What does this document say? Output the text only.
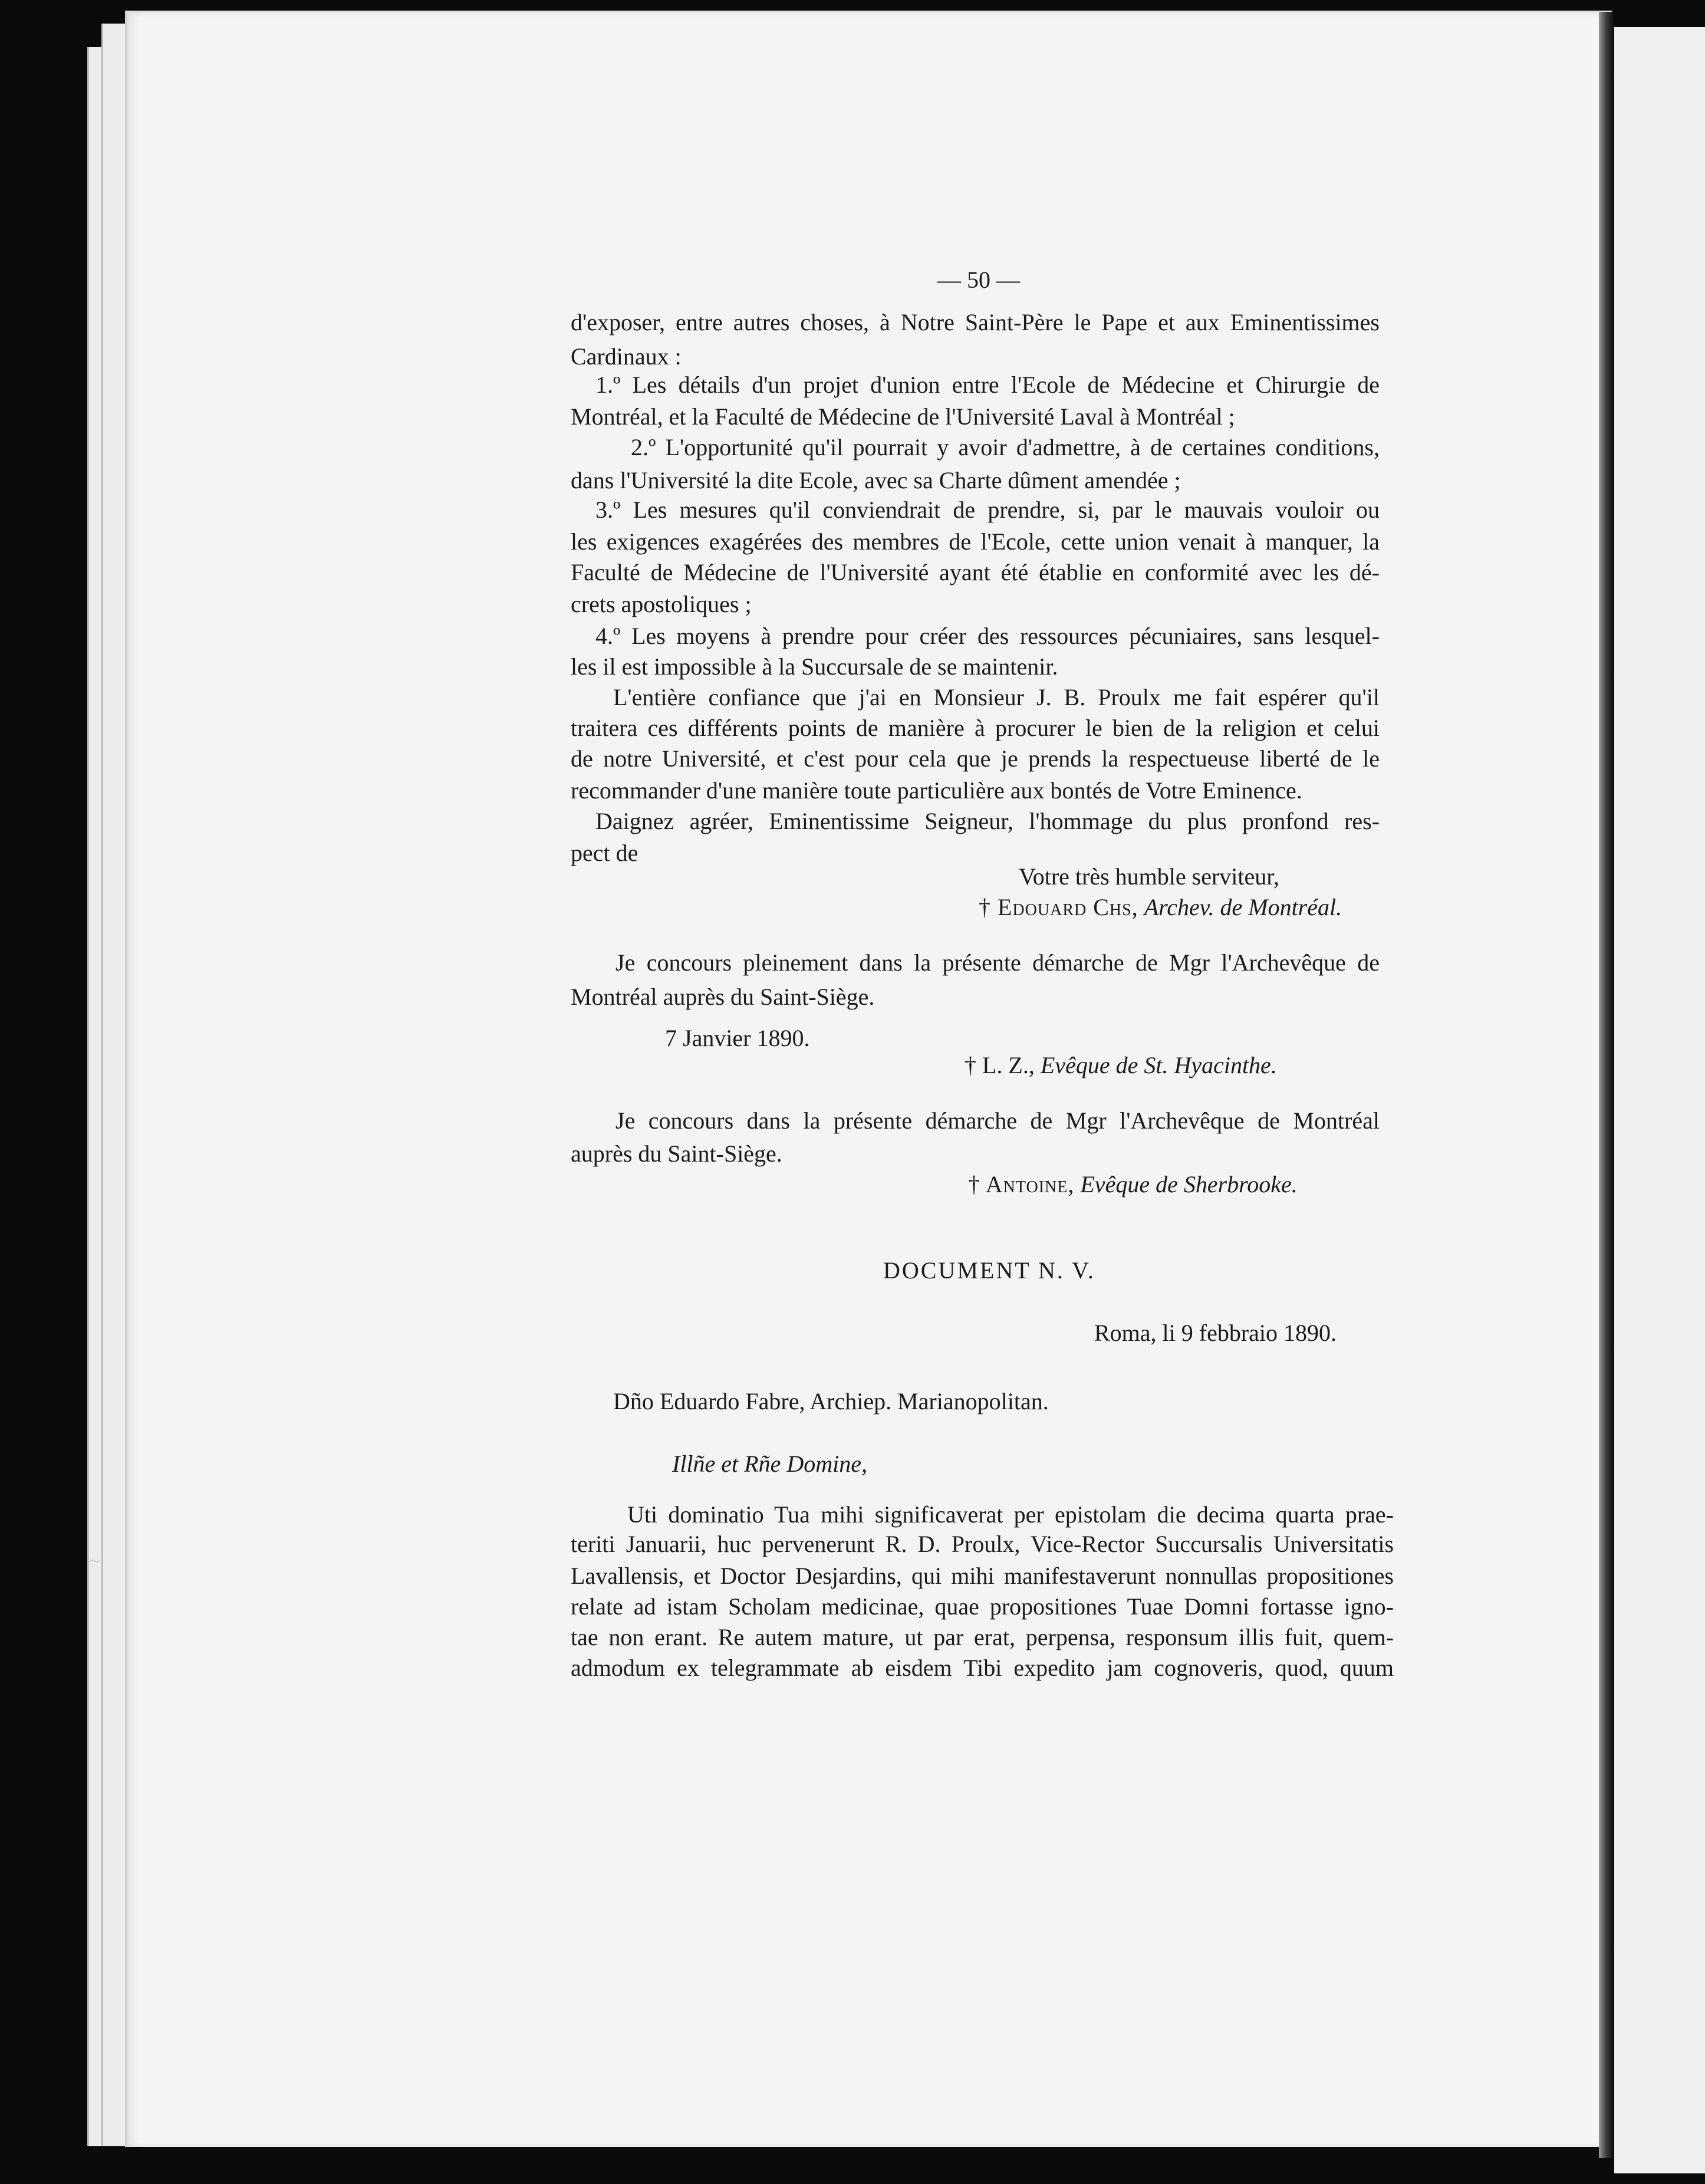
∼
— 50 —
d'exposer, entre autres choses, à Notre Saint-Père le Pape et aux Eminentissimes
Cardinaux :
1.º Les détails d'un projet d'union entre l'Ecole de Médecine et Chirurgie de
Montréal, et la Faculté de Médecine de l'Université Laval à Montréal ;
2.º L'opportunité qu'il pourrait y avoir d'admettre, à de certaines conditions,
dans l'Université la dite Ecole, avec sa Charte dûment amendée ;
3.º Les mesures qu'il conviendrait de prendre, si, par le mauvais vouloir ou
les exigences exagérées des membres de l'Ecole, cette union venait à manquer, la
Faculté de Médecine de l'Université ayant été établie en conformité avec les dé-
crets apostoliques ;
4.º Les moyens à prendre pour créer des ressources pécuniaires, sans lesquel-
les il est impossible à la Succursale de se maintenir.
L'entière confiance que j'ai en Monsieur J. B. Proulx me fait espérer qu'il
traitera ces différents points de manière à procurer le bien de la religion et celui
de notre Université, et c'est pour cela que je prends la respectueuse liberté de le
recommander d'une manière toute particulière aux bontés de Votre Eminence.
Daignez agréer, Eminentissime Seigneur, l'hommage du plus pronfond res-
pect de
Votre très humble serviteur,
† Edouard Chs, Archev. de Montréal.
Je concours pleinement dans la présente démarche de Mgr l'Archevêque de
Montréal auprès du Saint-Siège.
7 Janvier 1890.
† L. Z., Evêque de St. Hyacinthe.
Je concours dans la présente démarche de Mgr l'Archevêque de Montréal
auprès du Saint-Siège.
† Antoine, Evêque de Sherbrooke.
DOCUMENT N. V.
Roma, li 9 febbraio 1890.
Dño Eduardo Fabre, Archiep. Marianopolitan.
Illñe et Rñe Domine,
Uti dominatio Tua mihi significaverat per epistolam die decima quarta prae-
teriti Januarii, huc pervenerunt R. D. Proulx, Vice-Rector Succursalis Universitatis
Lavallensis, et Doctor Desjardins, qui mihi manifestaverunt nonnullas propositiones
relate ad istam Scholam medicinae, quae propositiones Tuae Domni fortasse igno-
tae non erant. Re autem mature, ut par erat, perpensa, responsum illis fuit, quem-
admodum ex telegrammate ab eisdem Tibi expedito jam cognoveris, quod, quum
